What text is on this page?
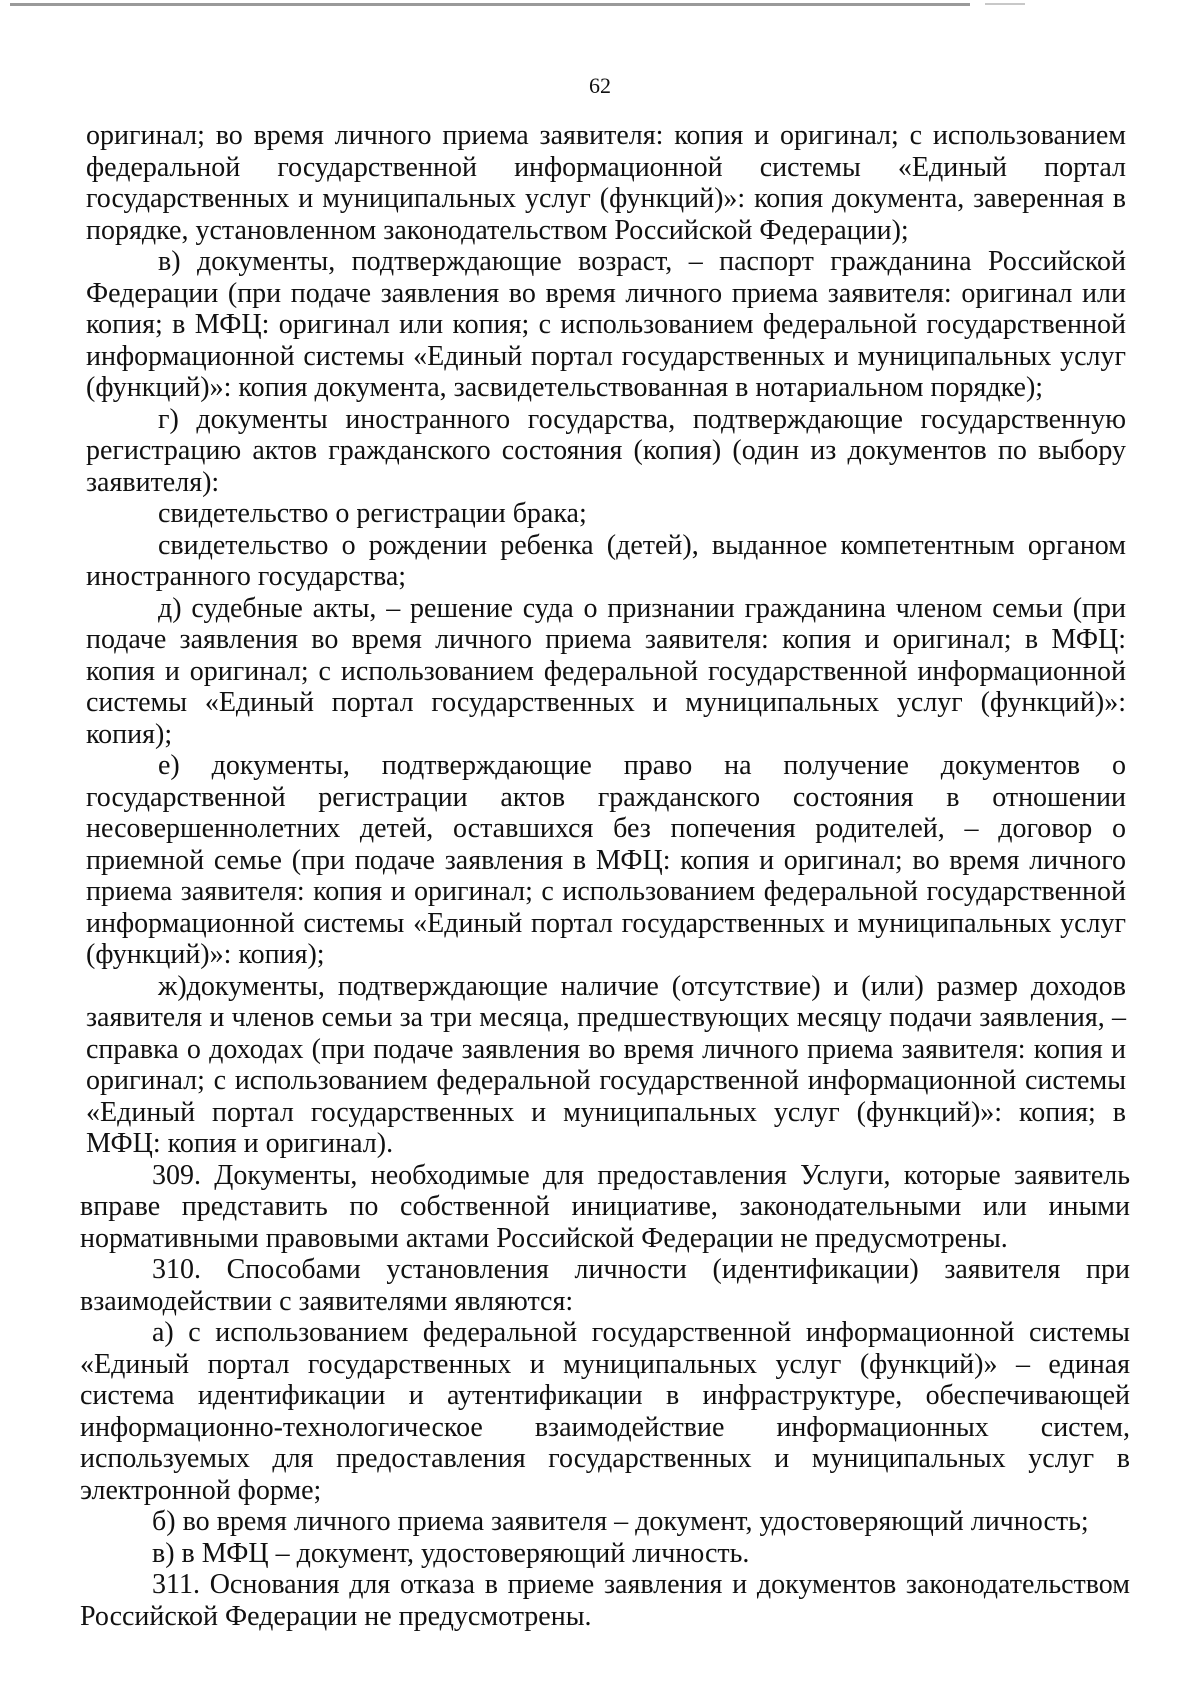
62

оригинал; во время личного приема заявителя: копия и оригинал; с использованием федеральной государственной информационной системы «Единый портал государственных и муниципальных услуг (функций)»: копия документа, заверенная в порядке, установленном законодательством Российской Федерации);

в) документы, подтверждающие возраст, – паспорт гражданина Российской Федерации (при подаче заявления во время личного приема заявителя: оригинал или копия; в МФЦ: оригинал или копия; с использованием федеральной государственной информационной системы «Единый портал государственных и муниципальных услуг (функций)»: копия документа, засвидетельствованная в нотариальном порядке);

г) документы иностранного государства, подтверждающие государственную регистрацию актов гражданского состояния (копия) (один из документов по выбору заявителя):

свидетельство о регистрации брака;

свидетельство о рождении ребенка (детей), выданное компетентным органом иностранного государства;

д) судебные акты, – решение суда о признании гражданина членом семьи (при подаче заявления во время личного приема заявителя: копия и оригинал; в МФЦ: копия и оригинал; с использованием федеральной государственной информационной системы «Единый портал государственных и муниципальных услуг (функций)»: копия);

е) документы, подтверждающие право на получение документов о государственной регистрации актов гражданского состояния в отношении несовершеннолетних детей, оставшихся без попечения родителей, – договор о приемной семье (при подаче заявления в МФЦ: копия и оригинал; во время личного приема заявителя: копия и оригинал; с использованием федеральной государственной информационной системы «Единый портал государственных и муниципальных услуг (функций)»: копия);

ж)документы, подтверждающие наличие (отсутствие) и (или) размер доходов заявителя и членов семьи за три месяца, предшествующих месяцу подачи заявления, – справка о доходах (при подаче заявления во время личного приема заявителя: копия и оригинал; с использованием федеральной государственной информационной системы «Единый портал государственных и муниципальных услуг (функций)»: копия; в МФЦ: копия и оригинал).

309. Документы, необходимые для предоставления Услуги, которые заявитель вправе представить по собственной инициативе, законодательными или иными нормативными правовыми актами Российской Федерации не предусмотрены.

310. Способами установления личности (идентификации) заявителя при взаимодействии с заявителями являются:

а) с использованием федеральной государственной информационной системы «Единый портал государственных и муниципальных услуг (функций)» – единая система идентификации и аутентификации в инфраструктуре, обеспечивающей информационно-технологическое взаимодействие информационных систем, используемых для предоставления государственных и муниципальных услуг в электронной форме;

б) во время личного приема заявителя – документ, удостоверяющий личность;

в) в МФЦ – документ, удостоверяющий личность.

311. Основания для отказа в приеме заявления и документов законодательством Российской Федерации не предусмотрены.
